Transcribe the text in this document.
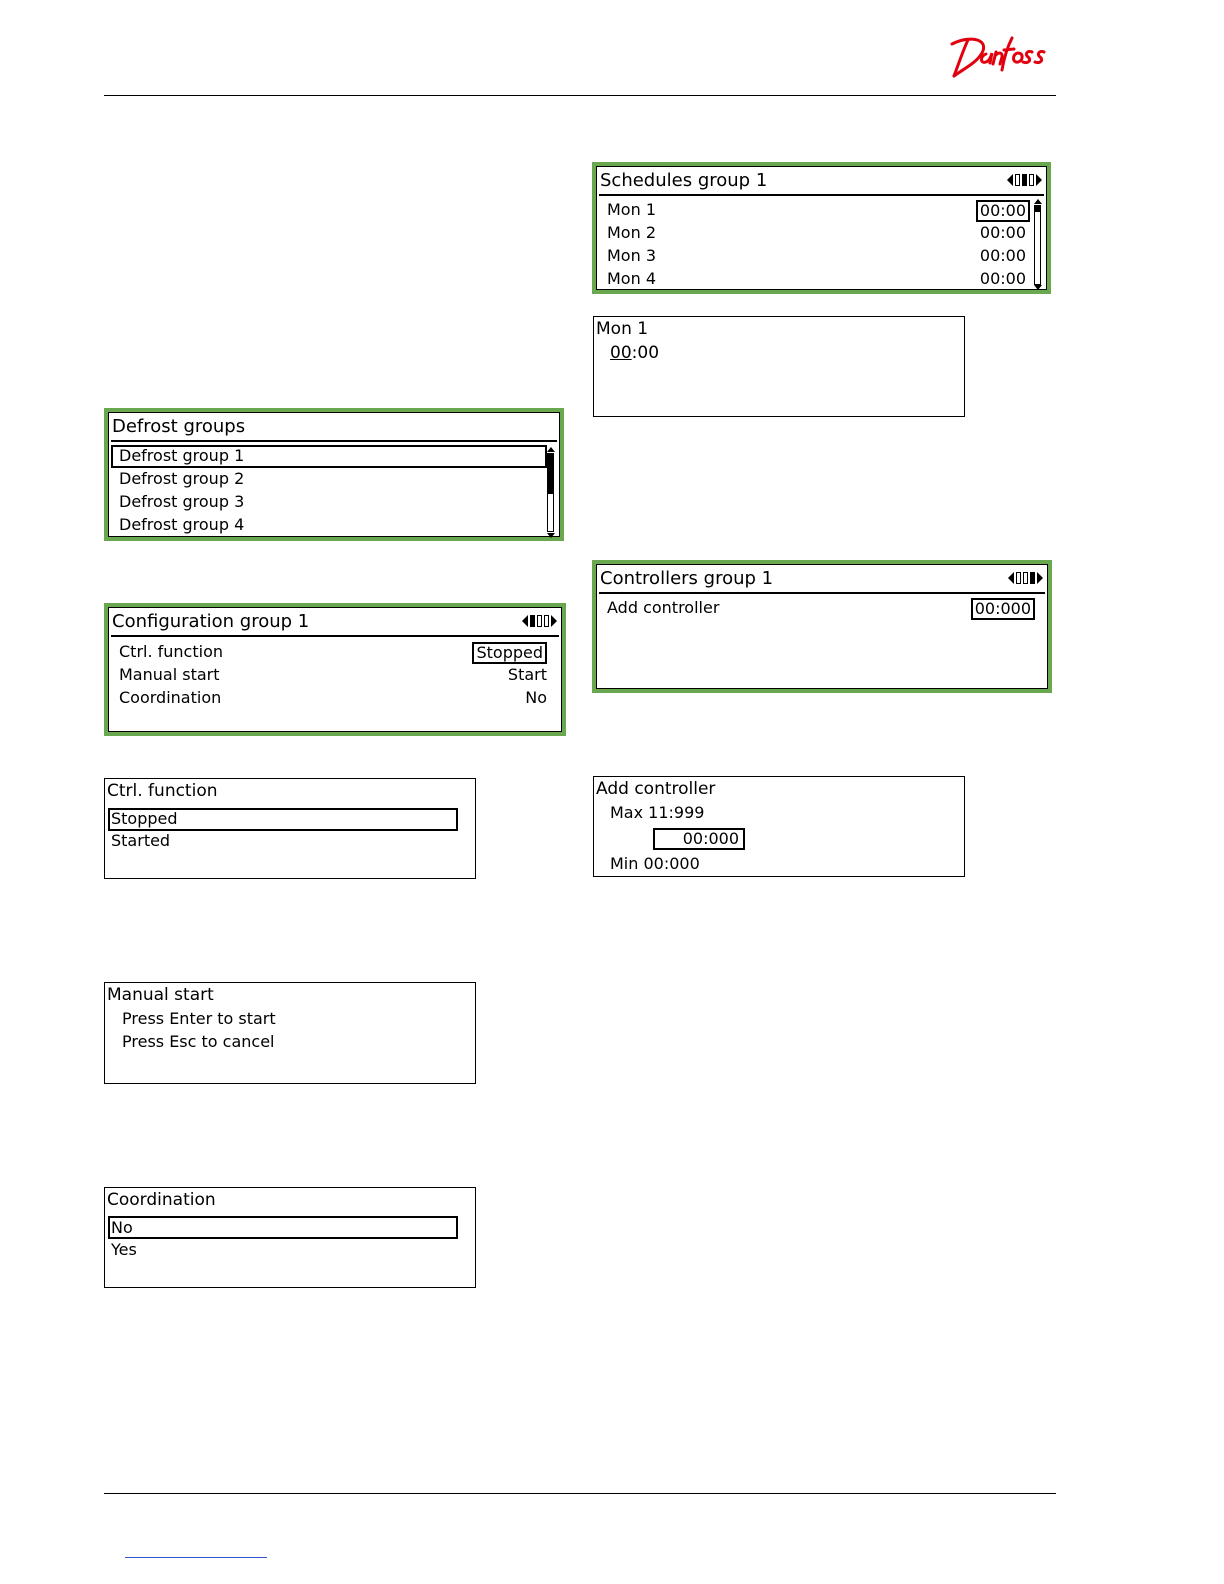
Defrost groups
Defrost group 1
Defrost group 2
Defrost group 3
Defrost group 4
Configuration group 1
Ctrl. function	Stopped
Manual start	Start
Coordination	No
Ctrl. function
Stopped
Started
Manual start
Press Enter to start
Press Esc to cancel
Coordination
No
Yes
Schedules group 1
Mon 1	00:00
Mon 2	00:00
Mon 3	00:00
Mon 4	00:00
Mon 1
00:00
Controllers group 1
Add controller	00:000
Add controller
Max 11:999
00:000
Min 00:000
